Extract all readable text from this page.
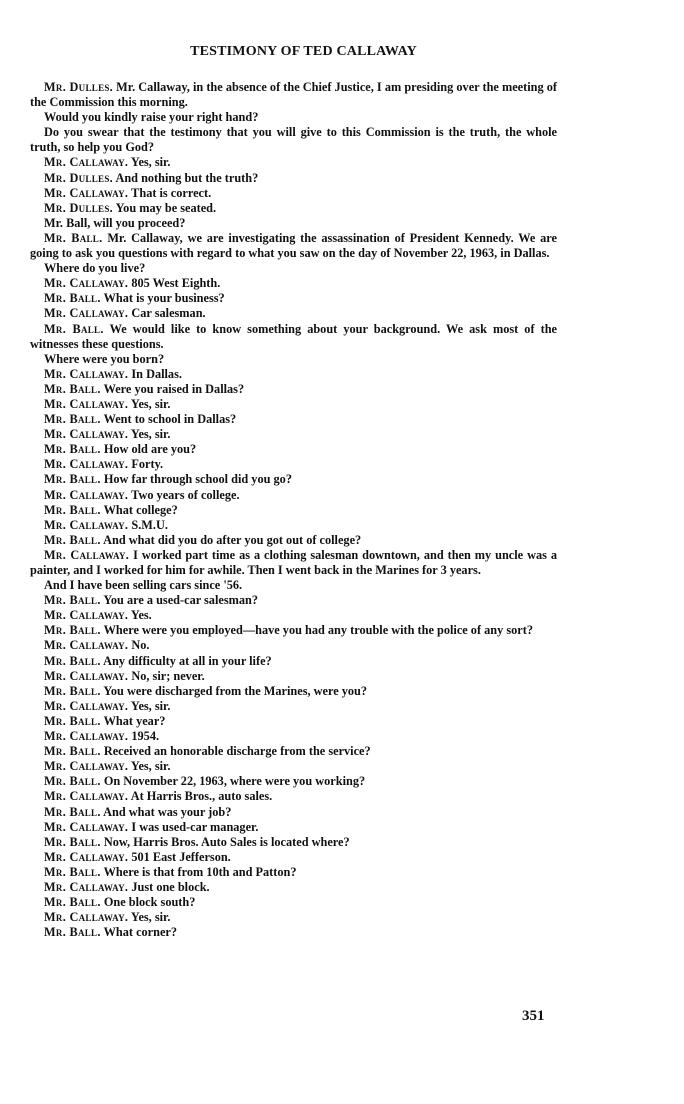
TESTIMONY OF TED CALLAWAY

Mr. Dulles. Mr. Callaway, in the absence of the Chief Justice, I am presiding over the meeting of the Commission this morning.

Would you kindly raise your right hand?

Do you swear that the testimony that you will give to this Commission is the truth, the whole truth, so help you God?

Mr. Callaway. Yes, sir.

Mr. Dulles. And nothing but the truth?

Mr. Callaway. That is correct.

Mr. Dulles. You may be seated.

Mr. Ball, will you proceed?

Mr. Ball. Mr. Callaway, we are investigating the assassination of President Kennedy. We are going to ask you questions with regard to what you saw on the day of November 22, 1963, in Dallas.

Where do you live?

Mr. Callaway. 805 West Eighth.

Mr. Ball. What is your business?

Mr. Callaway. Car salesman.

Mr. Ball. We would like to know something about your background. We ask most of the witnesses these questions.

Where were you born?

Mr. Callaway. In Dallas.

Mr. Ball. Were you raised in Dallas?

Mr. Callaway. Yes, sir.

Mr. Ball. Went to school in Dallas?

Mr. Callaway. Yes, sir.

Mr. Ball. How old are you?

Mr. Callaway. Forty.

Mr. Ball. How far through school did you go?

Mr. Callaway. Two years of college.

Mr. Ball. What college?

Mr. Callaway. S.M.U.

Mr. Ball. And what did you do after you got out of college?

Mr. Callaway. I worked part time as a clothing salesman downtown, and then my uncle was a painter, and I worked for him for awhile. Then I went back in the Marines for 3 years.

And I have been selling cars since '56.

Mr. Ball. You are a used-car salesman?

Mr. Callaway. Yes.

Mr. Ball. Where were you employed—have you had any trouble with the police of any sort?

Mr. Callaway. No.

Mr. Ball. Any difficulty at all in your life?

Mr. Callaway. No, sir; never.

Mr. Ball. You were discharged from the Marines, were you?

Mr. Callaway. Yes, sir.

Mr. Ball. What year?

Mr. Callaway. 1954.

Mr. Ball. Received an honorable discharge from the service?

Mr. Callaway. Yes, sir.

Mr. Ball. On November 22, 1963, where were you working?

Mr. Callaway. At Harris Bros., auto sales.

Mr. Ball. And what was your job?

Mr. Callaway. I was used-car manager.

Mr. Ball. Now, Harris Bros. Auto Sales is located where?

Mr. Callaway. 501 East Jefferson.

Mr. Ball. Where is that from 10th and Patton?

Mr. Callaway. Just one block.

Mr. Ball. One block south?

Mr. Callaway. Yes, sir.

Mr. Ball. What corner?

351
